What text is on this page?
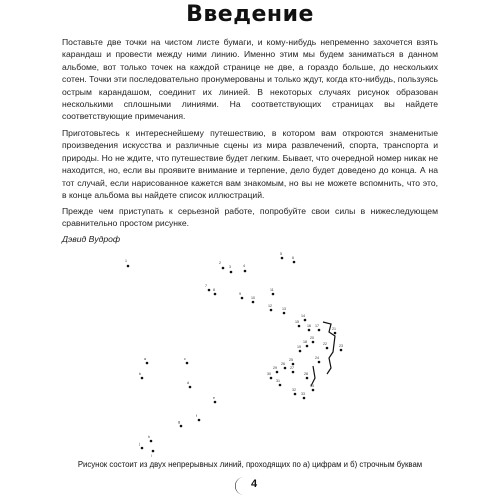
Введение
Поставьте две точки на чистом листе бумаги, и кому-нибудь непременно захочется взять карандаш и провести между ними линию. Именно этим мы будем заниматься в данном альбоме, вот только точек на каждой странице не две, а гораздо больше, до нескольких сотен. Точки эти последовательно пронумерованы и только ждут, когда кто-нибудь, пользуясь острым карандашом, соединит их линией. В некоторых случаях рисунок образован несколькими сплошными линиями. На соответствующих страницах вы найдете соответствующие примечания.
Приготовьтесь к интереснейшему путешествию, в котором вам откроются знаменитые произведения искусства и различные сцены из мира развлечений, спорта, транспорта и природы. Но не ждите, что путешествие будет легким. Бывает, что очередной номер никак не находится, но, если вы проявите внимание и терпение, дело будет доведено до конца. А на тот случай, если нарисованное кажется вам знакомым, но вы не можете вспомнить, что это, в конце альбома вы найдете список иллюстраций.
Прежде чем приступать к серьезной работе, попробуйте свои силы в нижеследующем сравнительно простом рисунке.
Дэвид Вудроф
1	2
3	4
5
6
7
8
9
10
11
12
13
14
15
16 17
18
19
20
21
22	23
24
25
26
27
28
29
30
31
32
33
34
a
b
c
d
e
f
g
h
i
j
Рисунок состоит из двух непрерывных линий, проходящих по а) цифрам и б) строчным буквам
4
